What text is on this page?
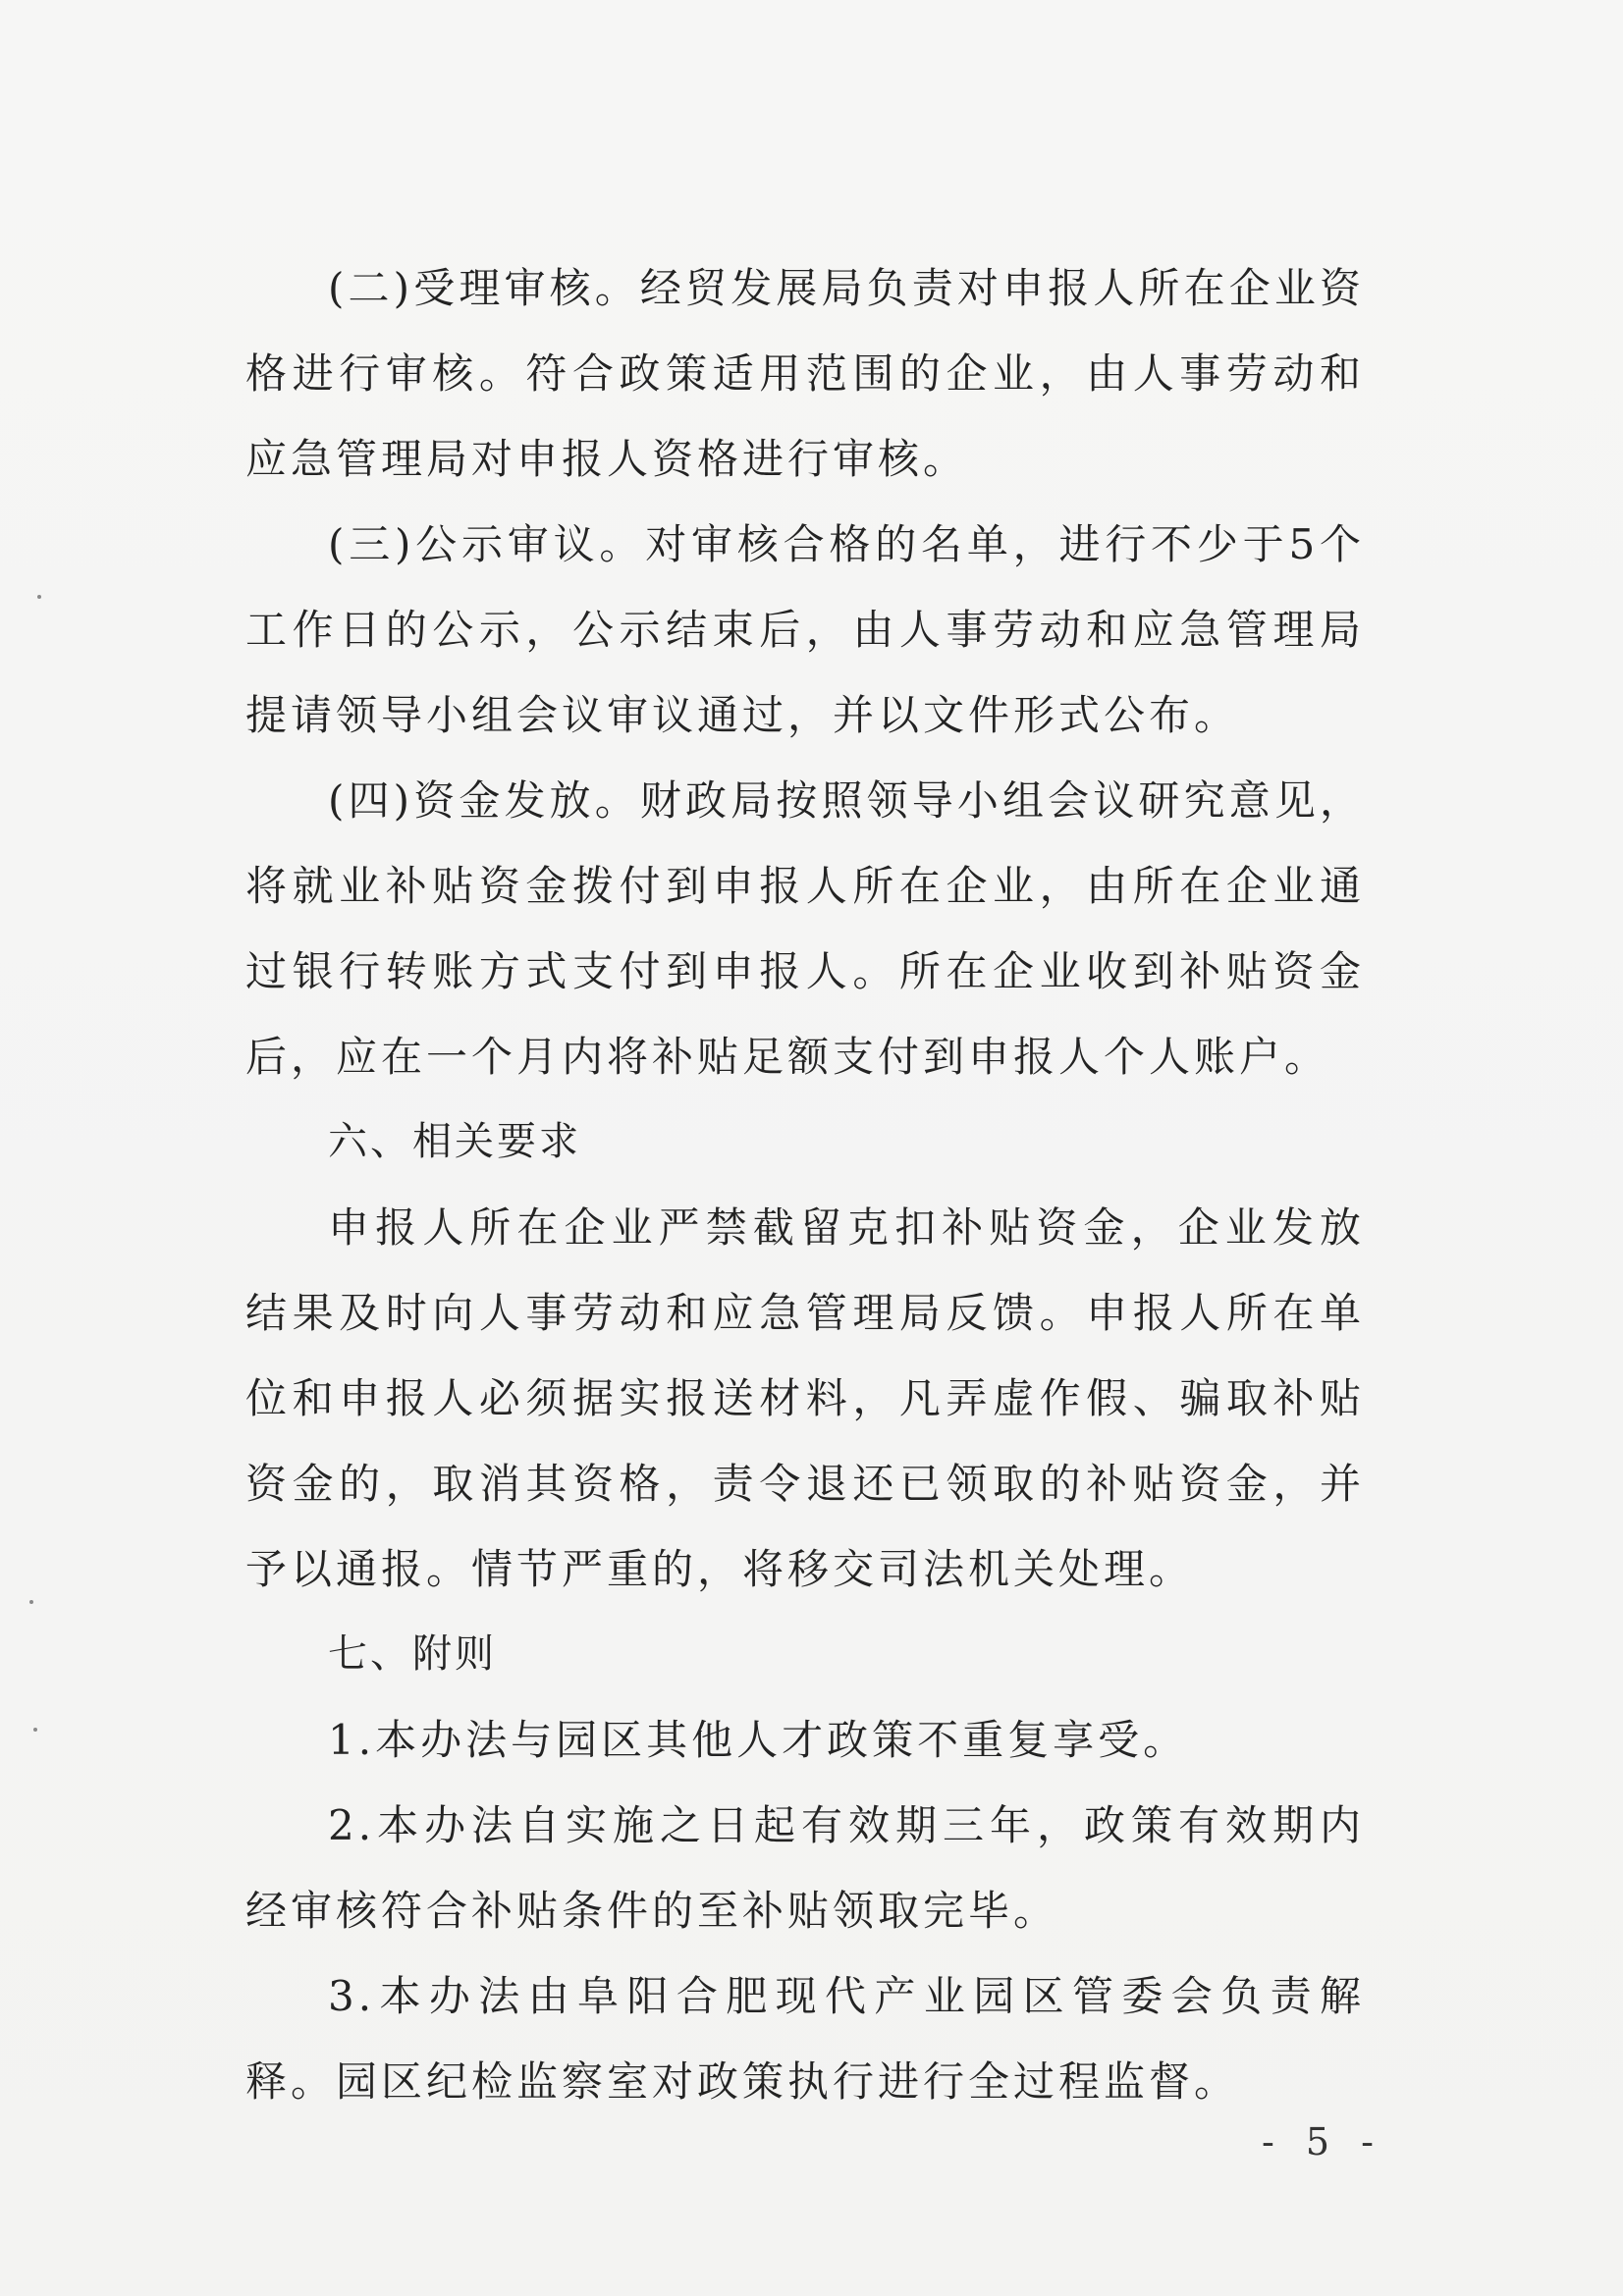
(二)受理审核。经贸发展局负责对申报人所在企业资格进行审核。符合政策适用范围的企业，由人事劳动和应急管理局对申报人资格进行审核。

(三)公示审议。对审核合格的名单，进行不少于5个工作日的公示，公示结束后，由人事劳动和应急管理局提请领导小组会议审议通过，并以文件形式公布。

(四)资金发放。财政局按照领导小组会议研究意见，将就业补贴资金拨付到申报人所在企业，由所在企业通过银行转账方式支付到申报人。所在企业收到补贴资金后，应在一个月内将补贴足额支付到申报人个人账户。

六、相关要求

申报人所在企业严禁截留克扣补贴资金，企业发放结果及时向人事劳动和应急管理局反馈。申报人所在单位和申报人必须据实报送材料，凡弄虚作假、骗取补贴资金的，取消其资格，责令退还已领取的补贴资金，并予以通报。情节严重的，将移交司法机关处理。

七、附则

1.本办法与园区其他人才政策不重复享受。

2.本办法自实施之日起有效期三年，政策有效期内经审核符合补贴条件的至补贴领取完毕。

3.本办法由阜阳合肥现代产业园区管委会负责解释。园区纪检监察室对政策执行进行全过程监督。

- 5 -
